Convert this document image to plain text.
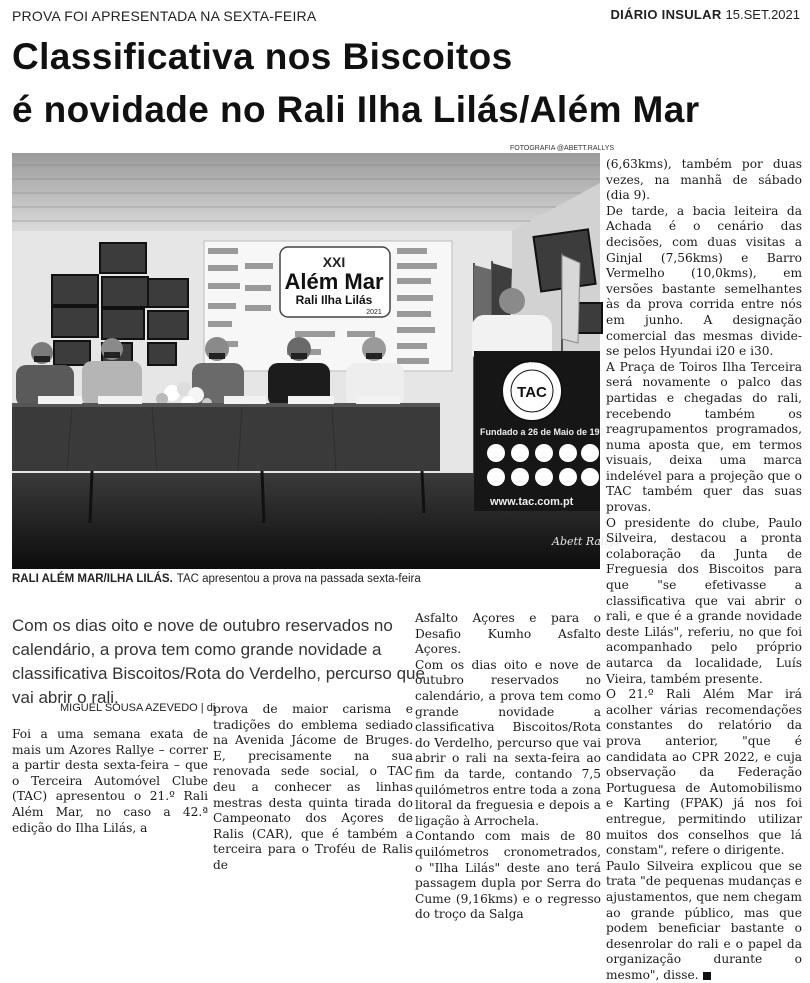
PROVA FOI APRESENTADA NA SEXTA-FEIRA	DIÁRIO INSULAR 15.SET.2021
Classificativa nos Biscoitos
é novidade no Rali Ilha Lilás/Além Mar
FOTOGRAFIA @ABETT.RALLYS
XXI
Além Mar
Rali Ilha Lilás
2021
TAC
TERCEIRA AUTOMÓVEL CLUBE
Fundado a 26 de Maio de 197
www.tac.com.pt
Abett Rallys
RALI ALÉM MAR/ILHA LILÁS. TAC apresentou a prova na passada sexta-feira
Com os dias oito e nove de outubro reservados no calendário, a prova tem como grande novidade a classificativa Biscoitos/Rota do Verdelho, percurso que vai abrir o rali.
MIGUEL SOUSA AZEVEDO | di

Foi a uma semana exata de mais um Azores Rallye – correr a partir desta sexta-feira – que o Terceira Automóvel Clube (TAC) apresentou o 21.º Rali Além Mar, no caso a 42.ª edição do Ilha Lilás, a

prova de maior carisma e tradições do emblema sediado na Avenida Jácome de Bruges. E, precisamente na sua renovada sede social, o TAC deu a conhecer as linhas mestras desta quinta tirada do Campeonato dos Açores de Ralis (CAR), que é também a terceira para o Troféu de Ralis de

Asfalto Açores e para o Desafio Kumho Asfalto Açores.

Com os dias oito e nove de outubro reservados no calendário, a prova tem como grande novidade a classificativa Biscoitos/Rota do Verdelho, percurso que vai abrir o rali na sexta-feira ao fim da tarde, contando 7,5 quilómetros entre toda a zona litoral da freguesia e depois a ligação à Arrochela.

Contando com mais de 80 quilómetros cronometrados, o "Ilha Lilás" deste ano terá passagem dupla por Serra do Cume (9,16kms) e o regresso do troço da Salga

(6,63kms), também por duas vezes, na manhã de sábado (dia 9).

De tarde, a bacia leiteira da Achada é o cenário das decisões, com duas visitas a Ginjal (7,56kms) e Barro Vermelho (10,0kms), em versões bastante semelhantes às da prova corrida entre nós em junho. A designação comercial das mesmas divide-se pelos Hyundai i20 e i30.

A Praça de Toiros Ilha Terceira será novamente o palco das partidas e chegadas do rali, recebendo também os reagrupamentos programados, numa aposta que, em termos visuais, deixa uma marca indelével para a projeção que o TAC também quer das suas provas.

O presidente do clube, Paulo Silveira, destacou a pronta colaboração da Junta de Freguesia dos Biscoitos para que "se efetivasse a classificativa que vai abrir o rali, e que é a grande novidade deste Lilás", referiu, no que foi acompanhado pelo próprio autarca da localidade, Luís Vieira, também presente.

O 21.º Rali Além Mar irá acolher várias recomendações constantes do relatório da prova anterior, "que é candidata ao CPR 2022, e cuja observação da Federação Portuguesa de Automobilismo e Karting (FPAK) já nos foi entregue, permitindo utilizar muitos dos conselhos que lá constam", refere o dirigente.

Paulo Silveira explicou que se trata "de pequenas mudanças e ajustamentos, que nem chegam ao grande público, mas que podem beneficiar bastante o desenrolar do rali e o papel da organização durante o mesmo", disse.
